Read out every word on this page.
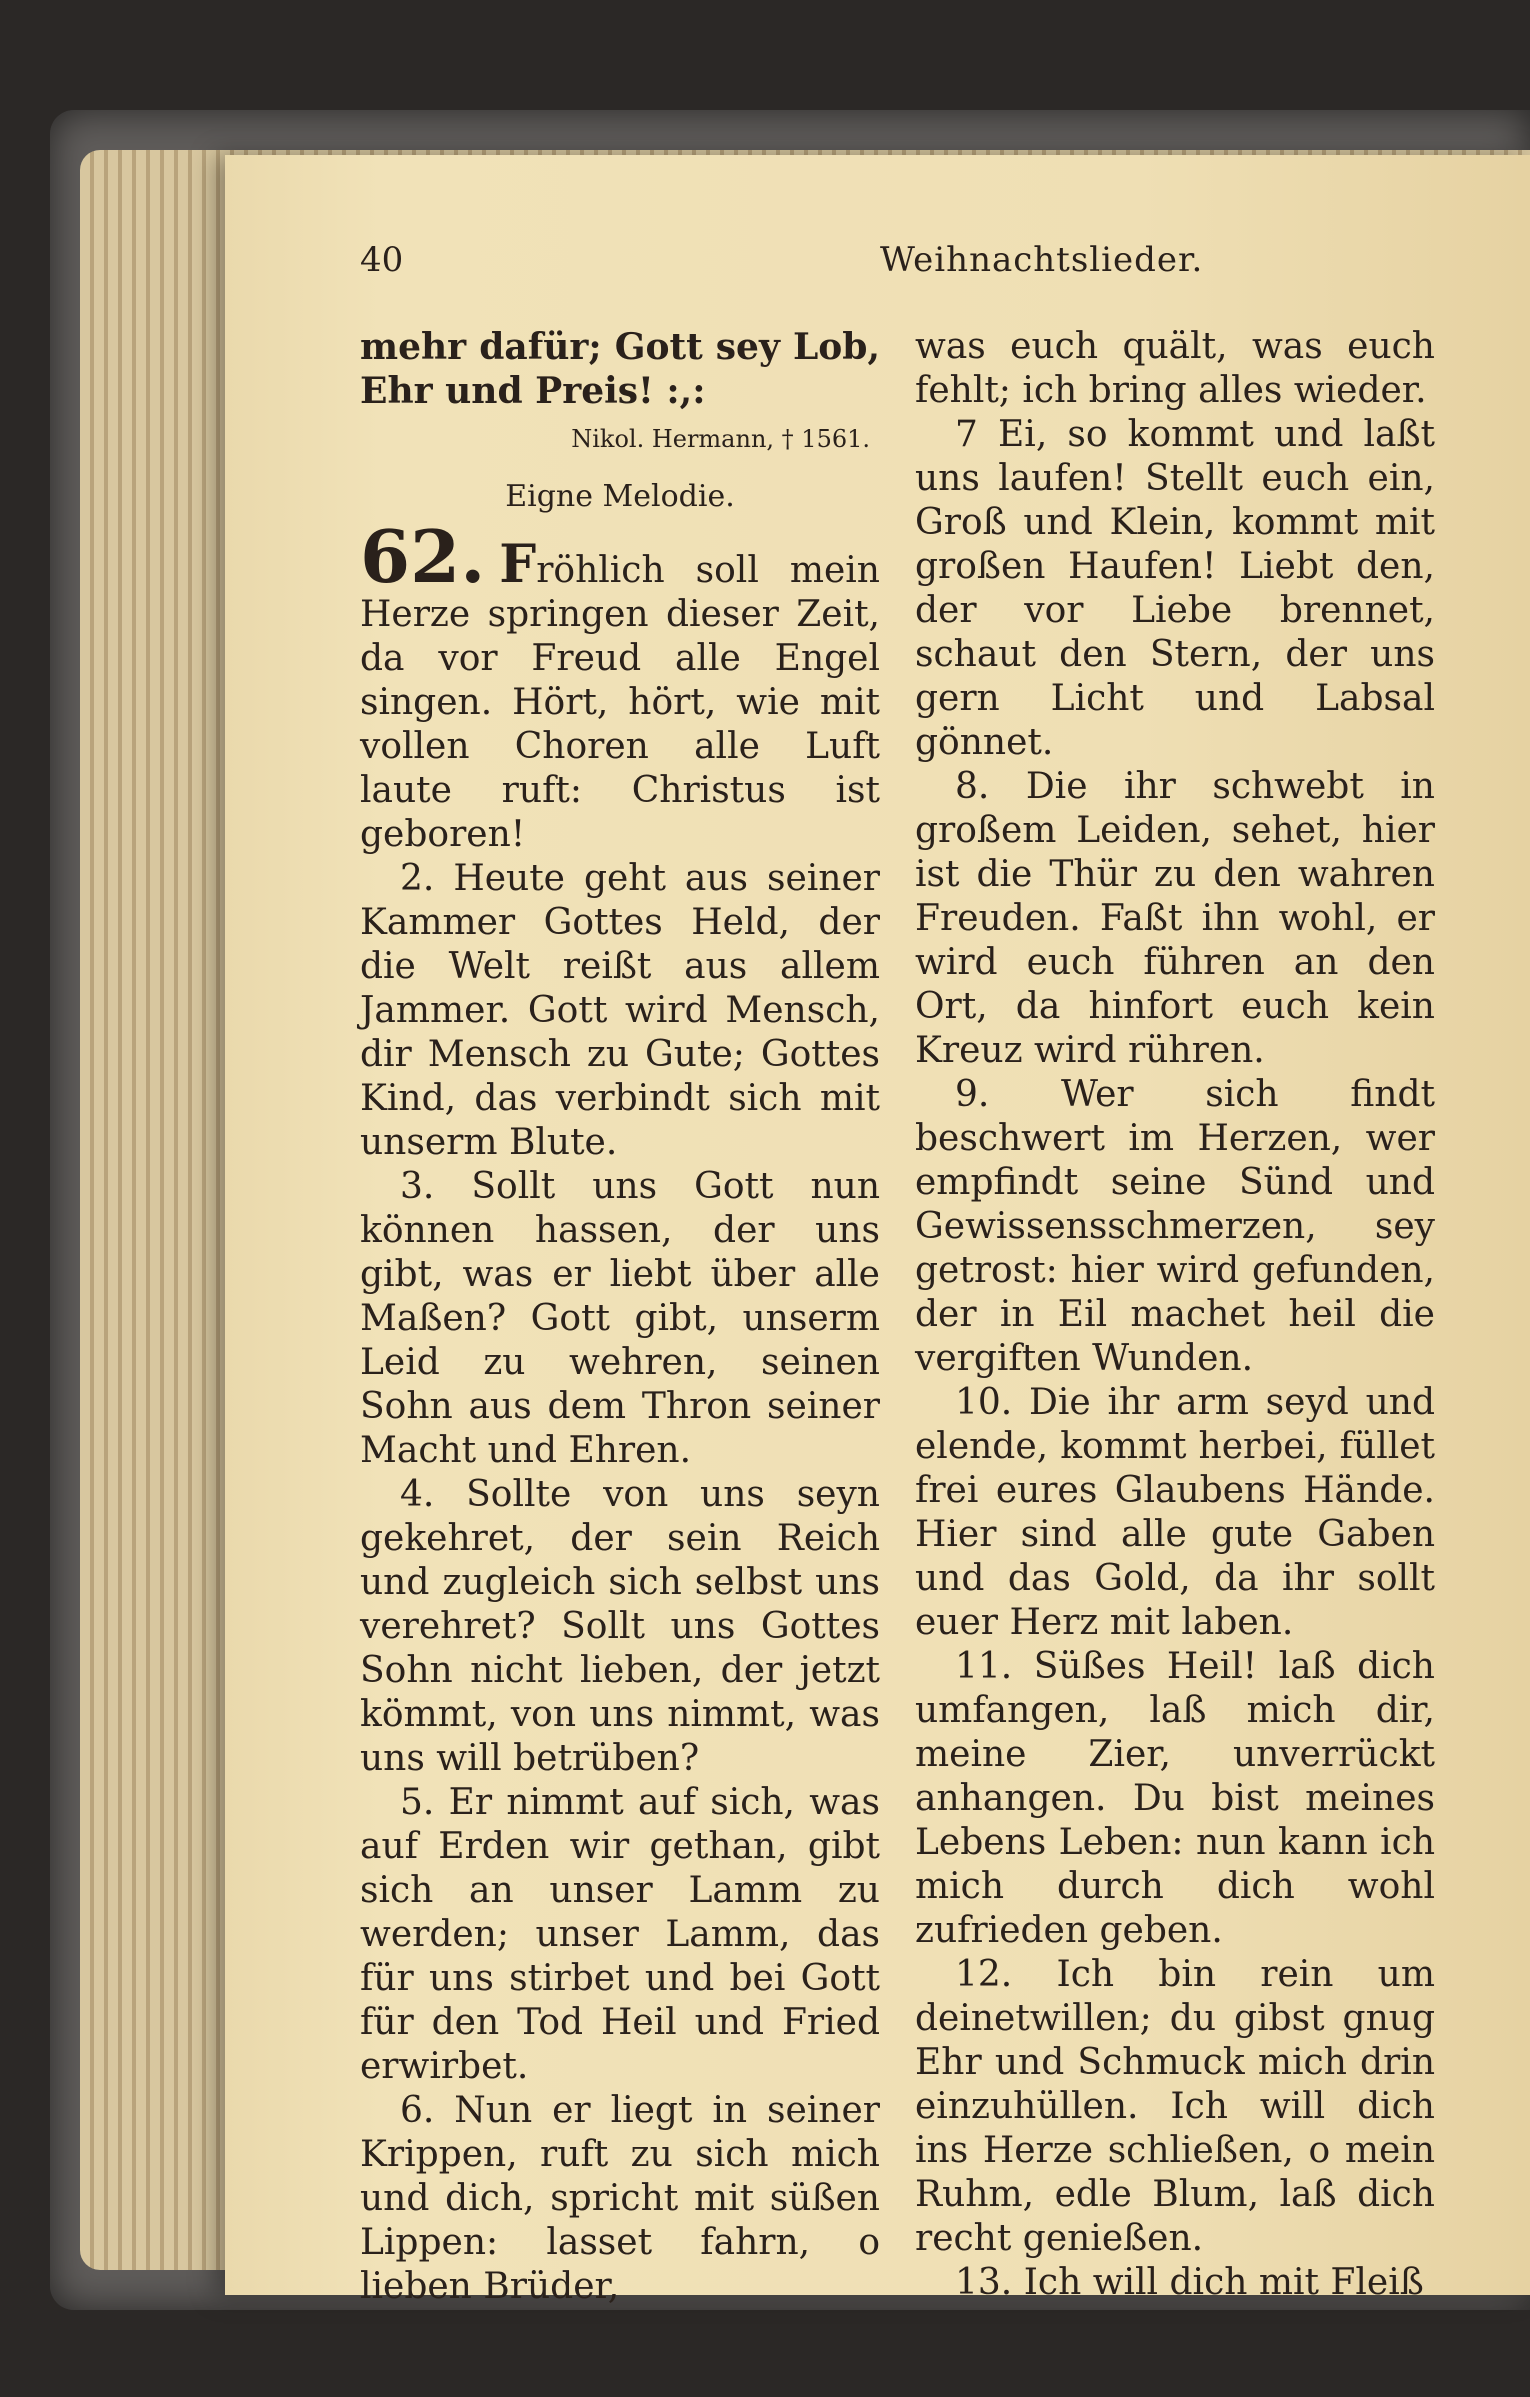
40	Weihnachtslieder.

mehr dafür; Gott sey Lob, Ehr und Preis! :,:

Nikol. Hermann, † 1561.
Eigne Melodie.

62. Fröhlich soll mein Herze springen dieser Zeit, da vor Freud alle Engel singen. Hört, hört, wie mit vollen Choren alle Luft laute ruft: Christus ist geboren!

2. Heute geht aus seiner Kammer Gottes Held, der die Welt reißt aus allem Jammer. Gott wird Mensch, dir Mensch zu Gute; Gottes Kind, das verbindt sich mit unserm Blute.

3. Sollt uns Gott nun können hassen, der uns gibt, was er liebt über alle Maßen? Gott gibt, unserm Leid zu wehren, seinen Sohn aus dem Thron seiner Macht und Ehren.

4. Sollte von uns seyn gekehret, der sein Reich und zugleich sich selbst uns verehret? Sollt uns Gottes Sohn nicht lieben, der jetzt kömmt, von uns nimmt, was uns will betrüben?

5. Er nimmt auf sich, was auf Erden wir gethan, gibt sich an unser Lamm zu werden; unser Lamm, das für uns stirbet und bei Gott für den Tod Heil und Fried erwirbet.

6. Nun er liegt in seiner Krippen, ruft zu sich mich und dich, spricht mit süßen Lippen: lasset fahrn, o lieben Brüder,

was euch quält, was euch fehlt; ich bring alles wieder.

7 Ei, so kommt und laßt uns laufen! Stellt euch ein, Groß und Klein, kommt mit großen Haufen! Liebt den, der vor Liebe brennet, schaut den Stern, der uns gern Licht und Labsal gönnet.

8. Die ihr schwebt in großem Leiden, sehet, hier ist die Thür zu den wahren Freuden. Faßt ihn wohl, er wird euch führen an den Ort, da hinfort euch kein Kreuz wird rühren.

9. Wer sich findt beschwert im Herzen, wer empfindt seine Sünd und Gewissensschmerzen, sey getrost: hier wird gefunden, der in Eil machet heil die vergiften Wunden.

10. Die ihr arm seyd und elende, kommt herbei, füllet frei eures Glaubens Hände. Hier sind alle gute Gaben und das Gold, da ihr sollt euer Herz mit laben.

11. Süßes Heil! laß dich umfangen, laß mich dir, meine Zier, unverrückt anhangen. Du bist meines Lebens Leben: nun kann ich mich durch dich wohl zufrieden geben.

12. Ich bin rein um deinetwillen; du gibst gnug Ehr und Schmuck mich drin einzuhüllen. Ich will dich ins Herze schließen, o mein Ruhm, edle Blum, laß dich recht genießen.

13. Ich will dich mit Fleiß
